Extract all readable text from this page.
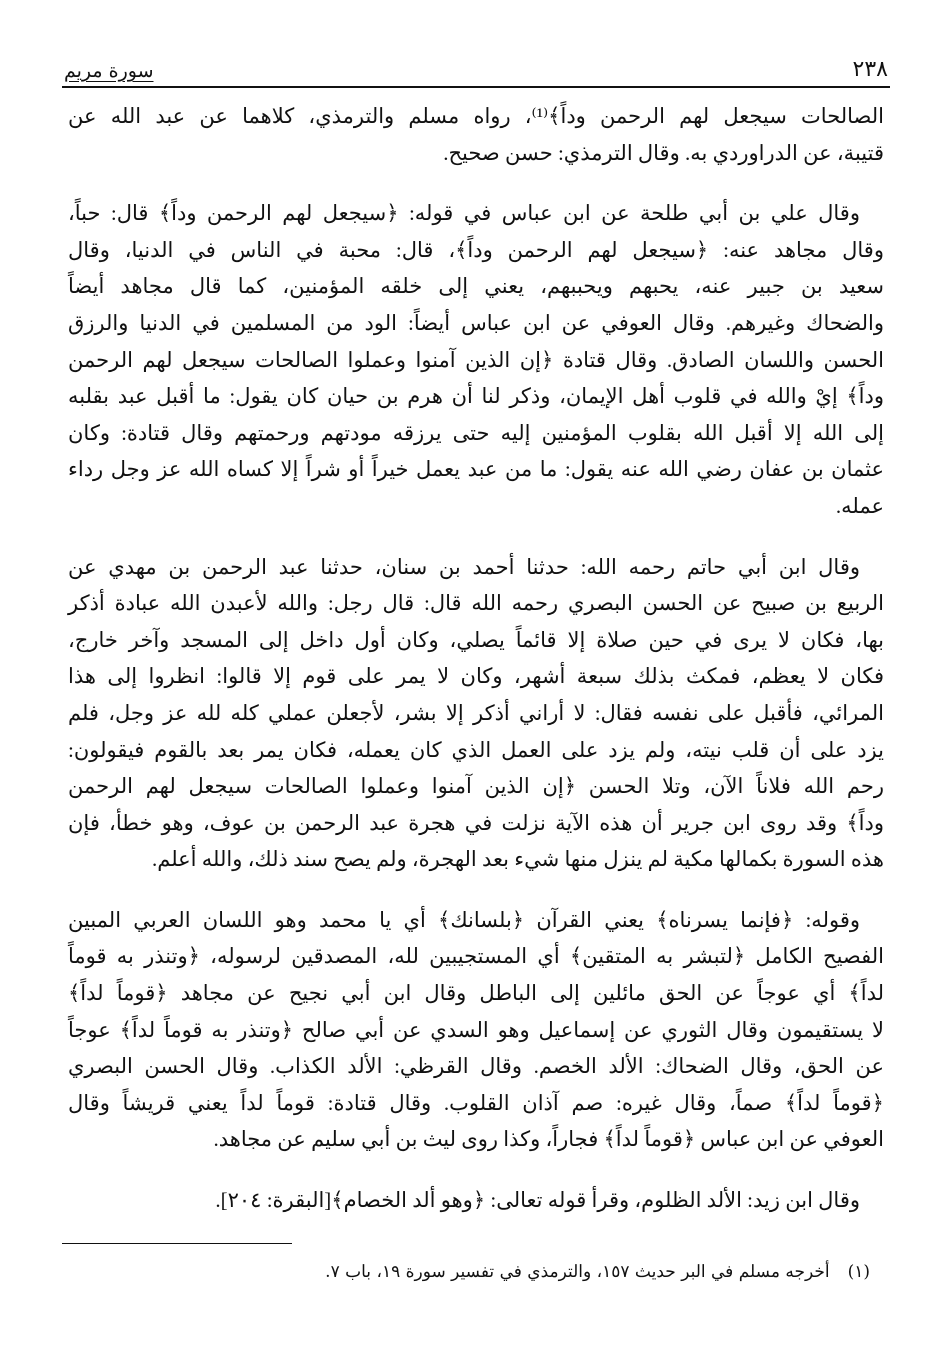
٢٣٨
سورة مريم
الصالحات سيجعل لهم الرحمن وداً﴾⁽¹⁾، رواه مسلم والترمذي، كلاهما عن عبد الله عن
قتيبة، عن الدراوردي به. وقال الترمذي: حسن صحيح.
وقال علي بن أبي طلحة عن ابن عباس في قوله: ﴿سيجعل لهم الرحمن وداً﴾ قال: حباً،
وقال مجاهد عنه: ﴿سيجعل لهم الرحمن وداً﴾، قال: محبة في الناس في الدنيا، وقال
سعيد بن جبير عنه، يحبهم ويحببهم، يعني إلى خلقه المؤمنين، كما قال مجاهد أيضاً
والضحاك وغيرهم. وقال العوفي عن ابن عباس أيضاً: الود من المسلمين في الدنيا والرزق
الحسن واللسان الصادق. وقال قتادة ﴿إن الذين آمنوا وعملوا الصالحات سيجعل لهم الرحمن
وداً﴾ إيْ والله في قلوب أهل الإيمان، وذكر لنا أن هرم بن حيان كان يقول: ما أقبل عبد بقلبه
إلى الله إلا أقبل الله بقلوب المؤمنين إليه حتى يرزقه مودتهم ورحمتهم وقال قتادة: وكان
عثمان بن عفان رضي الله عنه يقول: ما من عبد يعمل خيراً أو شراً إلا كساه الله عز وجل رداء
عمله.
وقال ابن أبي حاتم رحمه الله: حدثنا أحمد بن سنان، حدثنا عبد الرحمن بن مهدي عن
الربيع بن صبيح عن الحسن البصري رحمه الله قال: قال رجل: والله لأعبدن الله عبادة أذكر
بها، فكان لا يرى في حين صلاة إلا قائماً يصلي، وكان أول داخل إلى المسجد وآخر خارج،
فكان لا يعظم، فمكث بذلك سبعة أشهر، وكان لا يمر على قوم إلا قالوا: انظروا إلى هذا
المرائي، فأقبل على نفسه فقال: لا أراني أذكر إلا بشر، لأجعلن عملي كله لله عز وجل، فلم
يزد على أن قلب نيته، ولم يزد على العمل الذي كان يعمله، فكان يمر بعد بالقوم فيقولون:
رحم الله فلاناً الآن، وتلا الحسن ﴿إن الذين آمنوا وعملوا الصالحات سيجعل لهم الرحمن
وداً﴾ وقد روى ابن جرير أن هذه الآية نزلت في هجرة عبد الرحمن بن عوف، وهو خطأ، فإن
هذه السورة بكمالها مكية لم ينزل منها شيء بعد الهجرة، ولم يصح سند ذلك، والله أعلم.
وقوله: ﴿فإنما يسرناه﴾ يعني القرآن ﴿بلسانك﴾ أي يا محمد وهو اللسان العربي المبين
الفصيح الكامل ﴿لتبشر به المتقين﴾ أي المستجيبين لله، المصدقين لرسوله، ﴿وتنذر به قوماً
لداً﴾ أي عوجاً عن الحق مائلين إلى الباطل وقال ابن أبي نجيح عن مجاهد ﴿قوماً لداً﴾
لا يستقيمون وقال الثوري عن إسماعيل وهو السدي عن أبي صالح ﴿وتنذر به قوماً لداً﴾ عوجاً
عن الحق، وقال الضحاك: الألد الخصم. وقال القرظي: الألد الكذاب. وقال الحسن البصري
﴿قوماً لداً﴾ صماً، وقال غيره: صم آذان القلوب. وقال قتادة: قوماً لداً يعني قريشاً وقال
العوفي عن ابن عباس ﴿قوماً لداً﴾ فجاراً، وكذا روى ليث بن أبي سليم عن مجاهد.
وقال ابن زيد: الألد الظلوم، وقرأ قوله تعالى: ﴿وهو ألد الخصام﴾[البقرة: ٢٠٤].
(١)أخرجه مسلم في البر حديث ١٥٧، والترمذي في تفسير سورة ١٩، باب ٧.
